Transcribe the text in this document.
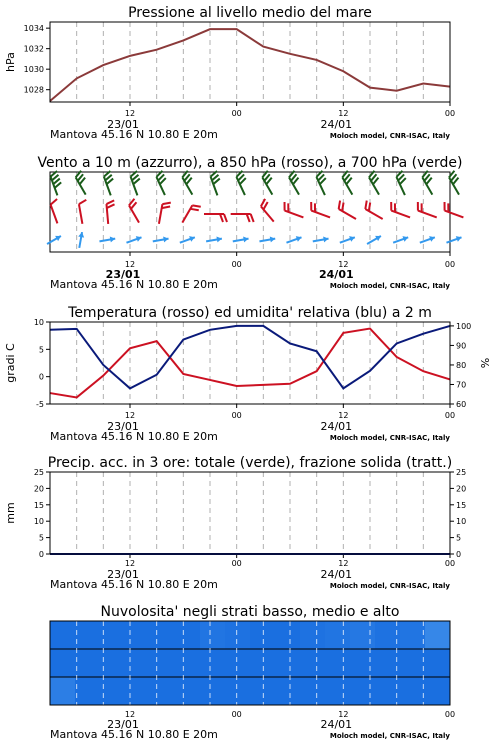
Pressione al livello medio del mare
12	00	12	00
23/01	24/01
Mantova 45.16 N 10.80 E 20m	Moloch model, CNR-ISAC, Italy
1028
1030
1032
1034
hPa
Vento a 10 m (azzurro), a 850 hPa (rosso), a 700 hPa (verde)
12	00	12	00
23/01	24/01
Mantova 45.16 N 10.80 E 20m	Moloch model, CNR-ISAC, Italy
Temperatura (rosso) ed umidita' relativa (blu) a 2 m
12	00	12	00
23/01	24/01
Mantova 45.16 N 10.80 E 20m	Moloch model, CNR-ISAC, Italy
-5
0
5
10
60
70
80
90
100
gradi C	%
Precip. acc. in 3 ore: totale (verde), frazione solida (tratt.)
12	00	12	00
23/01	24/01
Mantova 45.16 N 10.80 E 20m	Moloch model, CNR-ISAC, Italy
0
5
10
15
20
25
0
5
10
15
20
25
mm
Nuvolosita' negli strati basso, medio e alto
12	00	12	00
23/01	24/01
Mantova 45.16 N 10.80 E 20m	Moloch model, CNR-ISAC, Italy
